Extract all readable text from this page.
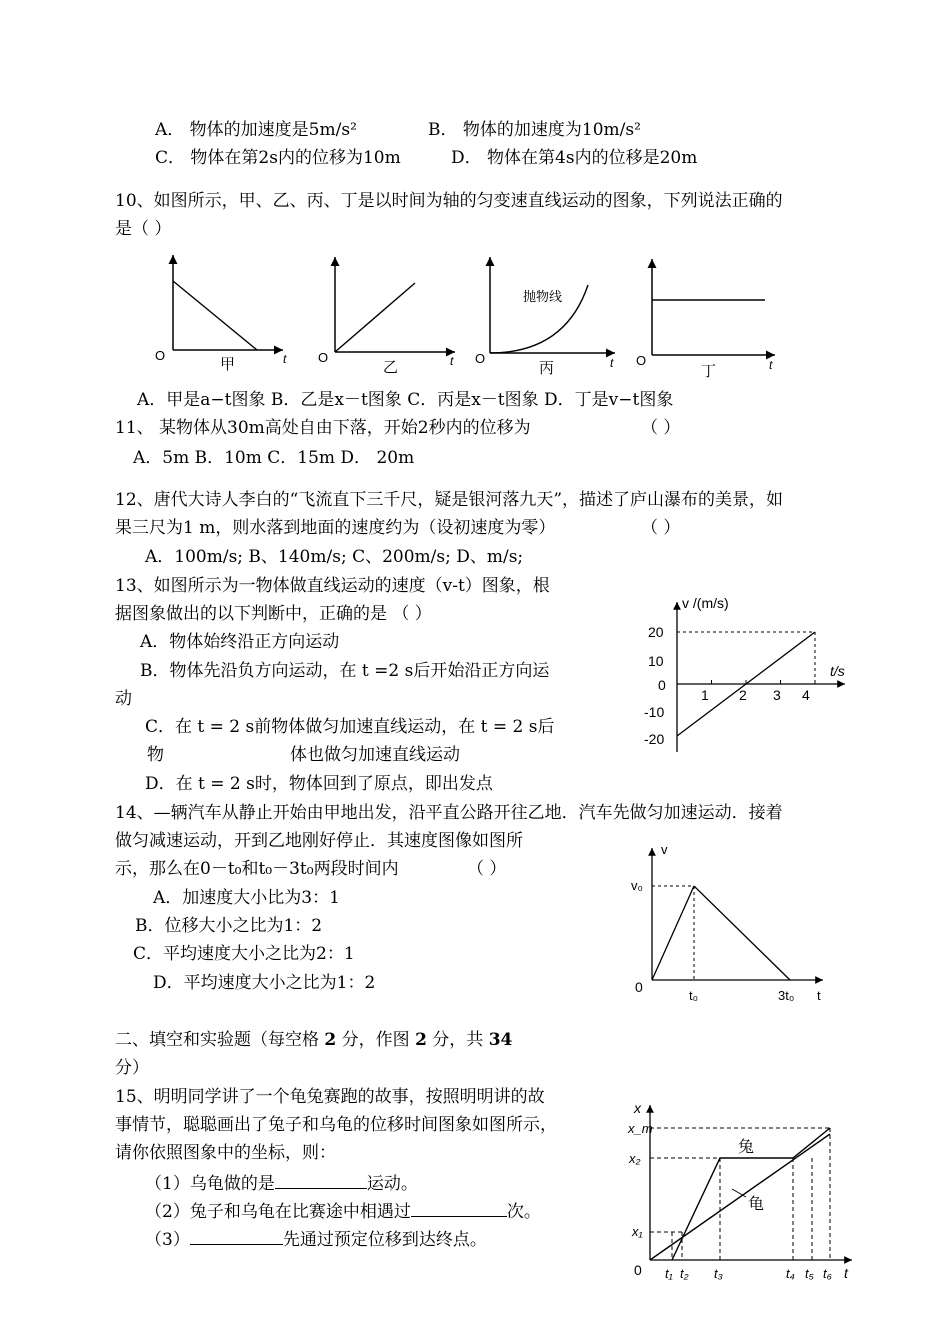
A． 物体的加速度是5m/s²	B． 物体的加速度为10m/s²
C． 物体在第2s内的位移为10m	D． 物体在第4s内的位移是20m
10、如图所示，甲、乙、丙、丁是以时间为轴的匀变速直线运动的图象，下列说法正确的
是（ ）
O	t
甲	O	t
乙
抛物线
O	t
丙	O	t
丁
A．甲是a−t图象 B．乙是x－t图象 C．丙是x－t图象 D．丁是v−t图象
11、 某物体从30m高处自由下落，开始2秒内的位移为	（ ）
A．5m B．10m C．15m D． 20m
12、唐代大诗人李白的“飞流直下三千尺，疑是银河落九天”，描述了庐山瀑布的美景，如
果三尺为1 m，则水落到地面的速度约为（设初速度为零）	（ ）
A．100m/s; B、140m/s; C、200m/s; D、m/s;
13、如图所示为一物体做直线运动的速度（v-t）图象，根
据图象做出的以下判断中，正确的是 （ ）
A．物体始终沿正方向运动
B．物体先沿负方向运动，在 t =2 s后开始沿正方向运
动
C．在 t = 2 s前物体做匀加速直线运动，在 t = 2 s后
物	体也做匀加速直线运动
D．在 t = 2 s时，物体回到了原点，即出发点
v /(m/s)
t/s
20
10
0
-10
-20
1 2 3 4
14、—辆汽车从静止开始由甲地出发，沿平直公路开往乙地．汽车先做匀加速运动．接着
做匀减速运动，开到乙地刚好停止．其速度图像如图所
示，那么在0－t₀和t₀－3t₀两段时间内	（ ）
A．加速度大小比为3：1
B．位移大小之比为1：2
C．平均速度大小之比为2：1
D．平均速度大小之比为1：2
v
t
v₀
0
t₀	3t₀
二、填空和实验题（每空格 2 分，作图 2 分，共 34
分）
15、明明同学讲了一个龟兔赛跑的故事，按照明明讲的故
事情节，聪聪画出了兔子和乌龟的位移时间图象如图所示，
请你依照图象中的坐标，则：
（1）乌龟做的是	运动。
（2）兔子和乌龟在比赛途中相遇过	次。
（3）	先通过预定位移到达终点。
x
t
x_m
x₂
x₁
0
兔
龟
t₁ t₂ t₃	t₄ t₅ t₆
